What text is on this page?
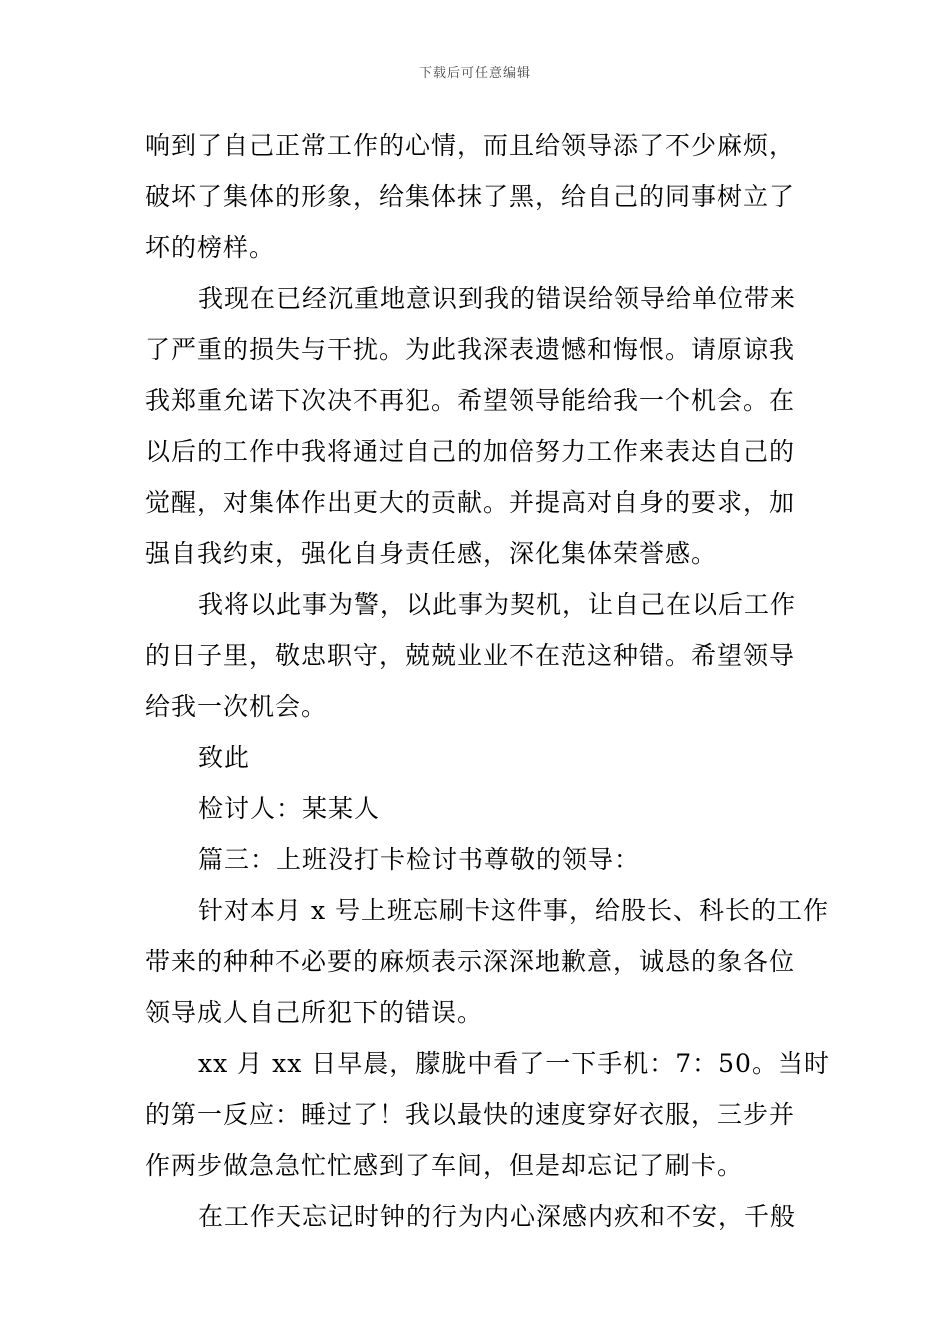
下载后可任意编辑
响到了自己正常工作的心情，而且给领导添了不少麻烦，
破坏了集体的形象，给集体抹了黑，给自己的同事树立了
坏的榜样。
我现在已经沉重地意识到我的错误给领导给单位带来
了严重的损失与干扰。为此我深表遗憾和悔恨。请原谅我
我郑重允诺下次决不再犯。希望领导能给我一个机会。在
以后的工作中我将通过自己的加倍努力工作来表达自己的
觉醒，对集体作出更大的贡献。并提高对自身的要求，加
强自我约束，强化自身责任感，深化集体荣誉感。
我将以此事为警，以此事为契机，让自己在以后工作
的日子里，敬忠职守，兢兢业业不在范这种错。希望领导
给我一次机会。
致此
检讨人：某某人
篇三：上班没打卡检讨书尊敬的领导：
针对本月 x 号上班忘刷卡这件事，给股长、科长的工作
带来的种种不必要的麻烦表示深深地歉意，诚恳的象各位
领导成人自己所犯下的错误。
xx 月 xx 日早晨，朦胧中看了一下手机：7：50。当时
的第一反应：睡过了！我以最快的速度穿好衣服，三步并
作两步做急急忙忙感到了车间，但是却忘记了刷卡。
在工作天忘记时钟的行为内心深感内疚和不安，千般
